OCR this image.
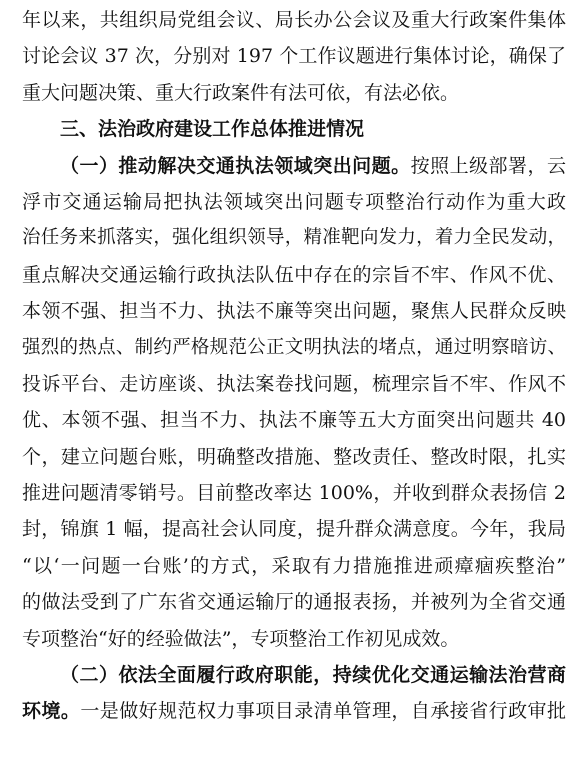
年以来，共组织局党组会议、局长办公会议及重大行政案件集体
讨论会议 37 次，分别对 197 个工作议题进行集体讨论，确保了
重大问题决策、重大行政案件有法可依，有法必依。
三、法治政府建设工作总体推进情况
（一）推动解决交通执法领域突出问题。按照上级部署，云
浮市交通运输局把执法领域突出问题专项整治行动作为重大政
治任务来抓落实，强化组织领导，精准靶向发力，着力全民发动，
重点解决交通运输行政执法队伍中存在的宗旨不牢、作风不优、
本领不强、担当不力、执法不廉等突出问题，聚焦人民群众反映
强烈的热点、制约严格规范公正文明执法的堵点，通过明察暗访、
投诉平台、走访座谈、执法案卷找问题，梳理宗旨不牢、作风不
优、本领不强、担当不力、执法不廉等五大方面突出问题共 40
个，建立问题台账，明确整改措施、整改责任、整改时限，扎实
推进问题清零销号。目前整改率达 100%，并收到群众表扬信 2
封，锦旗 1 幅，提高社会认同度，提升群众满意度。今年，我局
“以‘一问题一台账’的方式，采取有力措施推进顽瘴痼疾整治”
的做法受到了广东省交通运输厅的通报表扬，并被列为全省交通
专项整治“好的经验做法”，专项整治工作初见成效。
（二）依法全面履行政府职能，持续优化交通运输法治营商
环境。一是做好规范权力事项目录清单管理，自承接省行政审批
